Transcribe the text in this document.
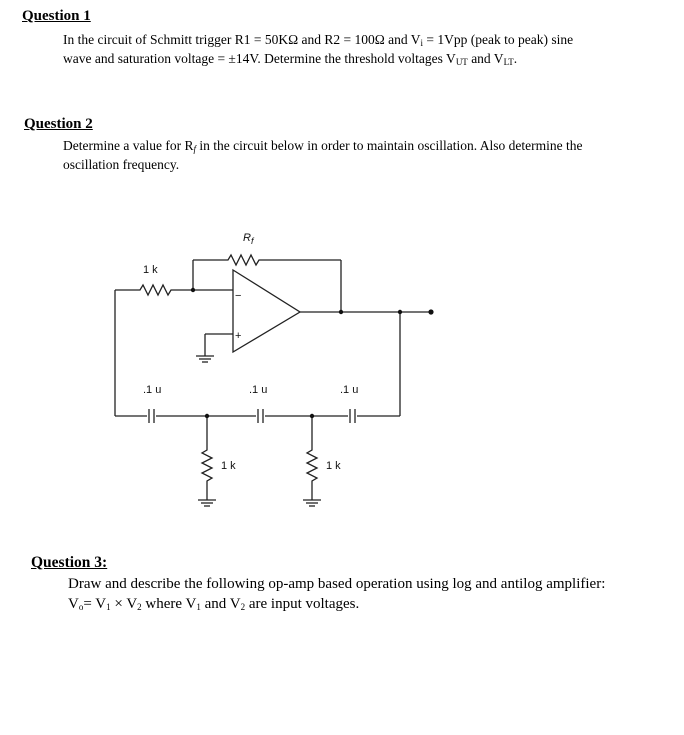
Question 1
In the circuit of Schmitt trigger R1 = 50KΩ and R2 = 100Ω and $V_i = 1Vpp$ (peak to peak) sine
wave and saturation voltage = ±14V. Determine the threshold voltages $V_{UT}$ and $V_{LT}$.
Question 2
Determine a value for $R_f$ in the circuit below in order to maintain oscillation. Also determine the
oscillation frequency.
$R_f$
1 k
−
+
.1 u	.1 u	.1 u
1 k	1 k
Question 3:
Draw and describe the following op-amp based operation using log and antilog amplifier:
$V_o= V_1 \times V_2$ where $V_1$ and $V_2$ are input voltages.
